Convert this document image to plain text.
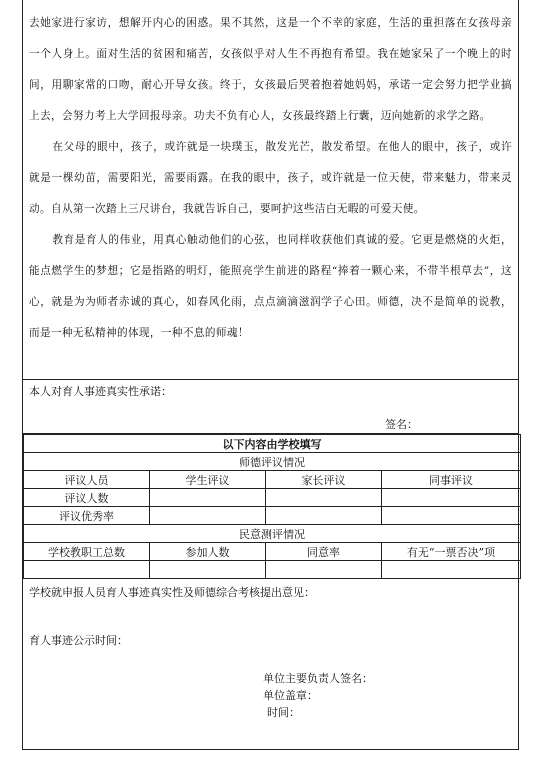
去她家进行家访，想解开内心的困惑。果不其然，这是一个不幸的家庭，生活的重担落在女孩母亲一个人身上。面对生活的贫困和痛苦，女孩似乎对人生不再抱有希望。我在她家呆了一个晚上的时间，用聊家常的口吻，耐心开导女孩。终于，女孩最后哭着抱着她妈妈，承诺一定会努力把学业搞上去，会努力考上大学回报母亲。功夫不负有心人，女孩最终踏上行囊，迈向她新的求学之路。

在父母的眼中，孩子，或许就是一块璞玉，散发光芒，散发希望。在他人的眼中，孩子，或许就是一棵幼苗，需要阳光，需要雨露。在我的眼中，孩子，或许就是一位天使，带来魅力，带来灵动。自从第一次踏上三尺讲台，我就告诉自己，要呵护这些洁白无暇的可爱天使。

教育是育人的伟业，用真心触动他们的心弦，也同样收获他们真诚的爱。它更是燃烧的火炬，能点燃学生的梦想；它是指路的明灯，能照亮学生前进的路程“捧着一颗心来，不带半根草去”，这心，就是为为师者赤诚的真心，如春风化雨，点点滴滴滋润学子心田。师德，决不是简单的说教，而是一种无私精神的体现，一种不息的师魂！

本人对育人事迹真实性承诺：
签名：
以下内容由学校填写			
师德评议情况			
评议人员	学生评议	家长评议	同事评议
评议人数			
评议优秀率			
民意测评情况			
学校教职工总数	参加人数	同意率	有无“一票否决”项

学校就申报人员育人事迹真实性及师德综合考核提出意见：
育人事迹公示时间：
单位主要负责人签名：
单位盖章：
时间：
